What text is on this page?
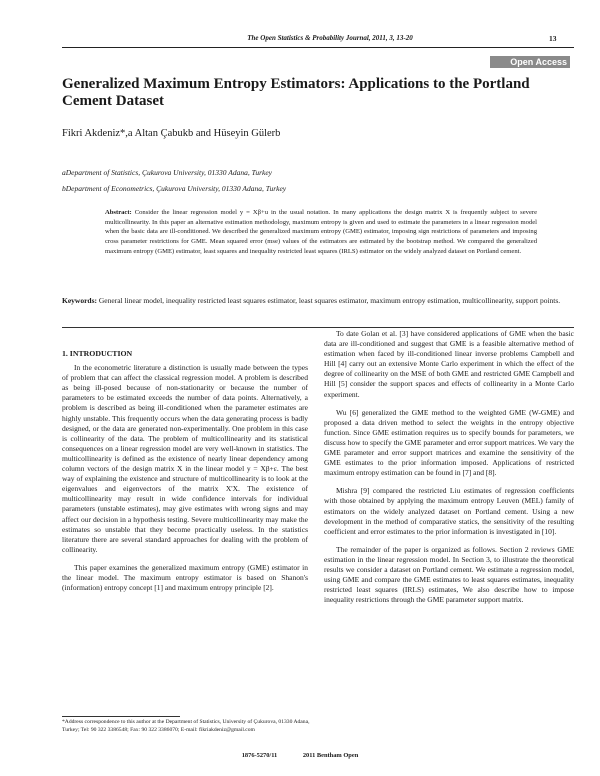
The Open Statistics & Probability Journal, 2011, 3, 13-20	13
Open Access
Generalized Maximum Entropy Estimators: Applications to the Portland Cement Dataset
Fikri Akdeniz*,a Altan Çabukb and Hüseyin Gülerb
aDepartment of Statistics, Çukurova University, 01330 Adana, Turkey
bDepartment of Econometrics, Çukurova University, 01330 Adana, Turkey
Abstract: Consider the linear regression model y = Xβ+u in the usual notation. In many applications the design matrix X is frequently subject to severe multicollinearity. In this paper an alternative estimation methodology, maximum entropy is given and used to estimate the parameters in a linear regression model when the basic data are ill-conditioned. We described the generalized maximum entropy (GME) estimator, imposing sign restrictions of parameters and imposing cross parameter restrictions for GME. Mean squared error (mse) values of the estimators are estimated by the bootstrap method. We compared the generalized maximum entropy (GME) estimator, least squares and inequality restricted least squares (IRLS) estimator on the widely analyzed dataset on Portland cement.
Keywords: General linear model, inequality restricted least squares estimator, least squares estimator, maximum entropy estimation, multicollinearity, support points.

1. INTRODUCTION

In the econometric literature a distinction is usually made between the types of problem that can affect the classical regression model. A problem is described as being ill-posed because of non-stationarity or because the number of parameters to be estimated exceeds the number of data points. Alternatively, a problem is described as being ill-conditioned when the parameter estimates are highly unstable. This frequently occurs when the data generating process is badly designed, or the data are generated non-experimentally. One problem in this case is collinearity of the data. The problem of multicollinearity and its statistical consequences on a linear regression model are very well-known in statistics. The multicollinearity is defined as the existence of nearly linear dependency among column vectors of the design matrix X in the linear model y = Xβ+ε. The best way of explaining the existence and structure of multicollinearity is to look at the eigenvalues and eigenvectors of the matrix X'X. The existence of multicollinearity may result in wide confidence intervals for individual parameters (unstable estimates), may give estimates with wrong signs and may affect our decision in a hypothesis testing. Severe multicollinearity may make the estimates so unstable that they become practically useless. In the statistics literature there are several standard approaches for dealing with the problem of collinearity.

This paper examines the generalized maximum entropy (GME) estimator in the linear model. The maximum entropy estimator is based on Shanon's (information) entropy concept [1] and maximum entropy principle [2].

To date Golan et al. [3] have considered applications of GME when the basic data are ill-conditioned and suggest that GME is a feasible alternative method of estimation when faced by ill-conditioned linear inverse problems Campbell and Hill [4] carry out an extensive Monte Carlo experiment in which the effect of the degree of collinearity on the MSE of both GME and restricted GME Campbell and Hill [5] consider the support spaces and effects of collinearity in a Monte Carlo experiment.

Wu [6] generalized the GME method to the weighted GME (W-GME) and proposed a data driven method to select the weights in the entropy objective function. Since GME estimation requires us to specify bounds for parameters, we discuss how to specify the GME parameter and error support matrices. We vary the GME parameter and error support matrices and examine the sensitivity of the GME estimates to the prior information imposed. Applications of restricted maximum entropy estimation can be found in [7] and [8].

Mishra [9] compared the restricted Liu estimates of regression coefficients with those obtained by applying the maximum entropy Leuven (MEL) family of estimators on the widely analyzed dataset on Portland cement. Using a new development in the method of comparative statics, the sensitivity of the resulting coefficient and error estimates to the prior information is investigated in [10].

The remainder of the paper is organized as follows. Section 2 reviews GME estimation in the linear regression model. In Section 3, to illustrate the theoretical results we consider a dataset on Portland cement. We estimate a regression model, using GME and compare the GME estimates to least squares estimates, inequality restricted least squares (IRLS) estimates, We also describe how to impose inequality restrictions through the GME parameter support matrix.

*Address correspondence to this author at the Department of Statistics, University of Çukurova, 01330 Adana, Turkey; Tel: 90 322 3386548; Fax: 90 322 3386070; E-mail: fikriakdeniz@gmail.com
1876-5270/11	2011 Bentham Open
